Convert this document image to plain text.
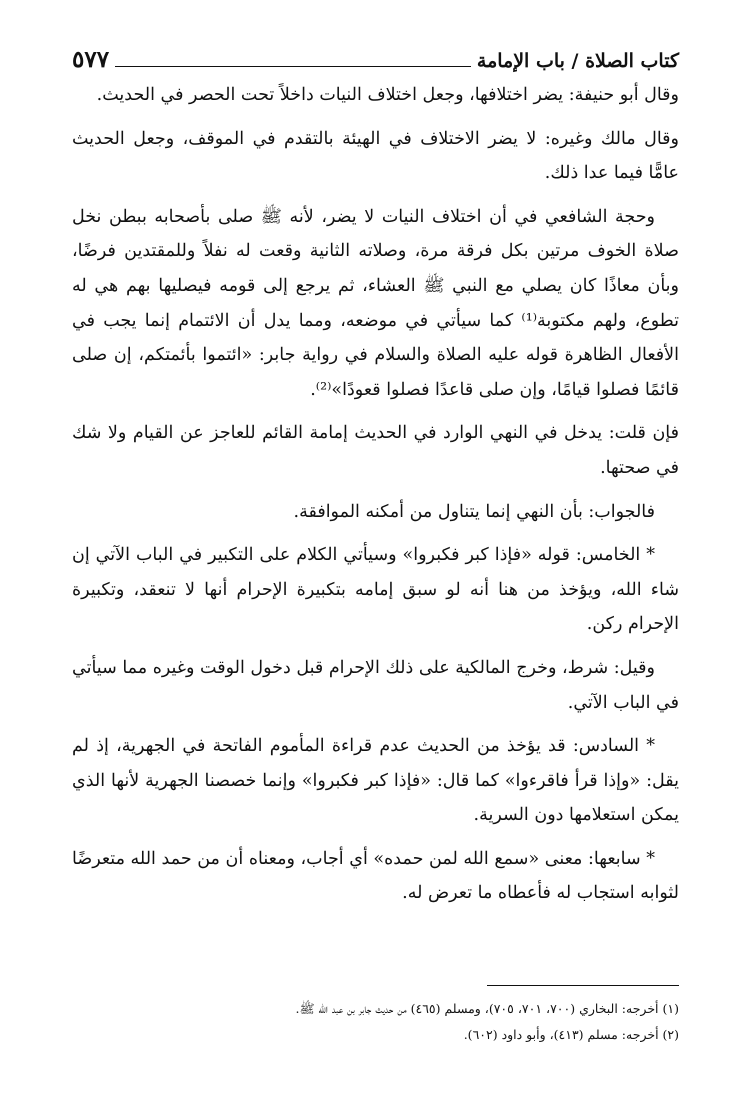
كتاب الصلاة / باب الإمامة
٥٧٧

وقال أبو حنيفة: يضر اختلافها، وجعل اختلاف النيات داخلاً تحت الحصر في الحديث.

وقال مالك وغيره: لا يضر الاختلاف في الهيئة بالتقدم في الموقف، وجعل الحديث عامًّا فيما عدا ذلك.

وحجة الشافعي في أن اختلاف النيات لا يضر، لأنه ﷺ صلى بأصحابه ببطن نخل صلاة الخوف مرتين بكل فرقة مرة، وصلاته الثانية وقعت له نفلاً وللمقتدين فرضًا، وبأن معاذًا كان يصلي مع النبي ﷺ العشاء، ثم يرجع إلى قومه فيصليها بهم هي له تطوع، ولهم مكتوبة⁽¹⁾ كما سيأتي في موضعه، ومما يدل أن الائتمام إنما يجب في الأفعال الظاهرة قوله عليه الصلاة والسلام في رواية جابر: «ائتموا بأئمتكم، إن صلى قائمًا فصلوا قيامًا، وإن صلى قاعدًا فصلوا قعودًا»⁽²⁾.

فإن قلت: يدخل في النهي الوارد في الحديث إمامة القائم للعاجز عن القيام ولا شك في صحتها.

فالجواب: بأن النهي إنما يتناول من أمكنه الموافقة.

* الخامس: قوله «فإذا كبر فكبروا» وسيأتي الكلام على التكبير في الباب الآتي إن شاء الله، ويؤخذ من هنا أنه لو سبق إمامه بتكبيرة الإحرام أنها لا تنعقد، وتكبيرة الإحرام ركن.

وقيل: شرط، وخرج المالكية على ذلك الإحرام قبل دخول الوقت وغيره مما سيأتي في الباب الآتي.

* السادس: قد يؤخذ من الحديث عدم قراءة المأموم الفاتحة في الجهرية، إذ لم يقل: «وإذا قرأ فاقرءوا» كما قال: «فإذا كبر فكبروا» وإنما خصصنا الجهرية لأنها الذي يمكن استعلامها دون السرية.

* سابعها: معنى «سمع الله لمن حمده» أي أجاب، ومعناه أن من حمد الله متعرضًا لثوابه استجاب له فأعطاه ما تعرض له.

(١) أخرجه: البخاري (٧٠٠، ٧٠١، ٧٠٥)، ومسلم (٤٦٥) من حديث جابر بن عبد الله ﷺ.

(٢) أخرجه: مسلم (٤١٣)، وأبو داود (٦٠٢).
